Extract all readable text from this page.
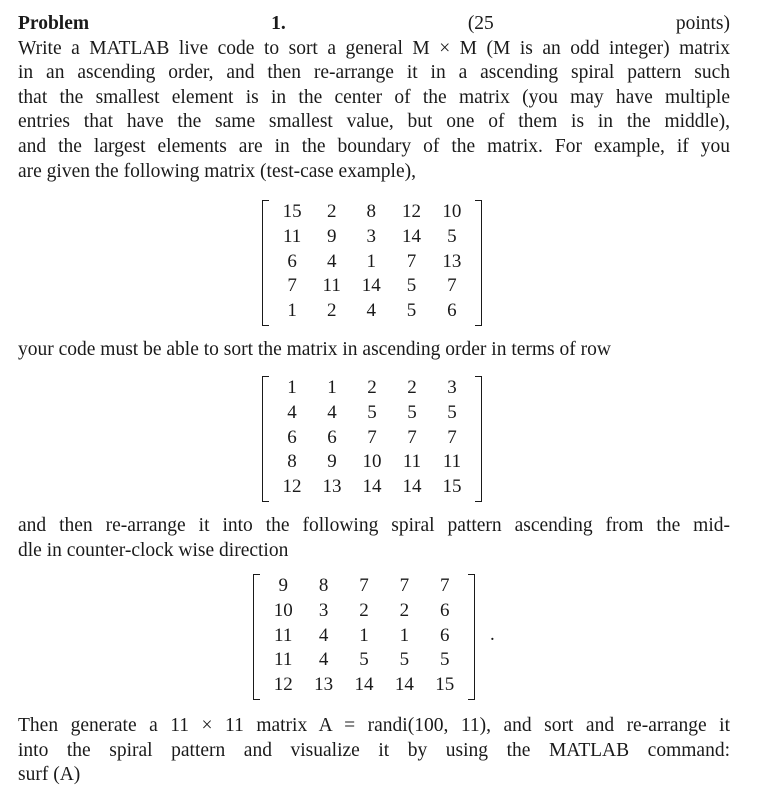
Problem 1.	(25 points)
Write a MATLAB live code to sort a general M × M (M is an odd integer) matrix
in an ascending order, and then re-arrange it in a ascending spiral pattern such
that the smallest element is in the center of the matrix (you may have multiple
entries that have the same smallest value, but one of them is in the middle),
and the largest elements are in the boundary of the matrix. For example, if you
are given the following matrix (test-case example),
15	2	8	12	10
11	9	3	14	5
6	4	1	7	13
7	11	14	5	7
1	2	4	5	6
your code must be able to sort the matrix in ascending order in terms of row
1	1	2	2	3
4	4	5	5	5
6	6	7	7	7
8	9	10	11	11
12	13	14	14	15
and then re-arrange it into the following spiral pattern ascending from the mid-
dle in counter-clock wise direction
9	8	7	7	7
10	3	2	2	6
11	4	1	1	6
11	4	5	5	5
12	13	14	14	15
.
Then generate a 11 × 11 matrix A = randi(100, 11), and sort and re-arrange it
into the spiral pattern and visualize it by using the MATLAB command:
surf (A)
